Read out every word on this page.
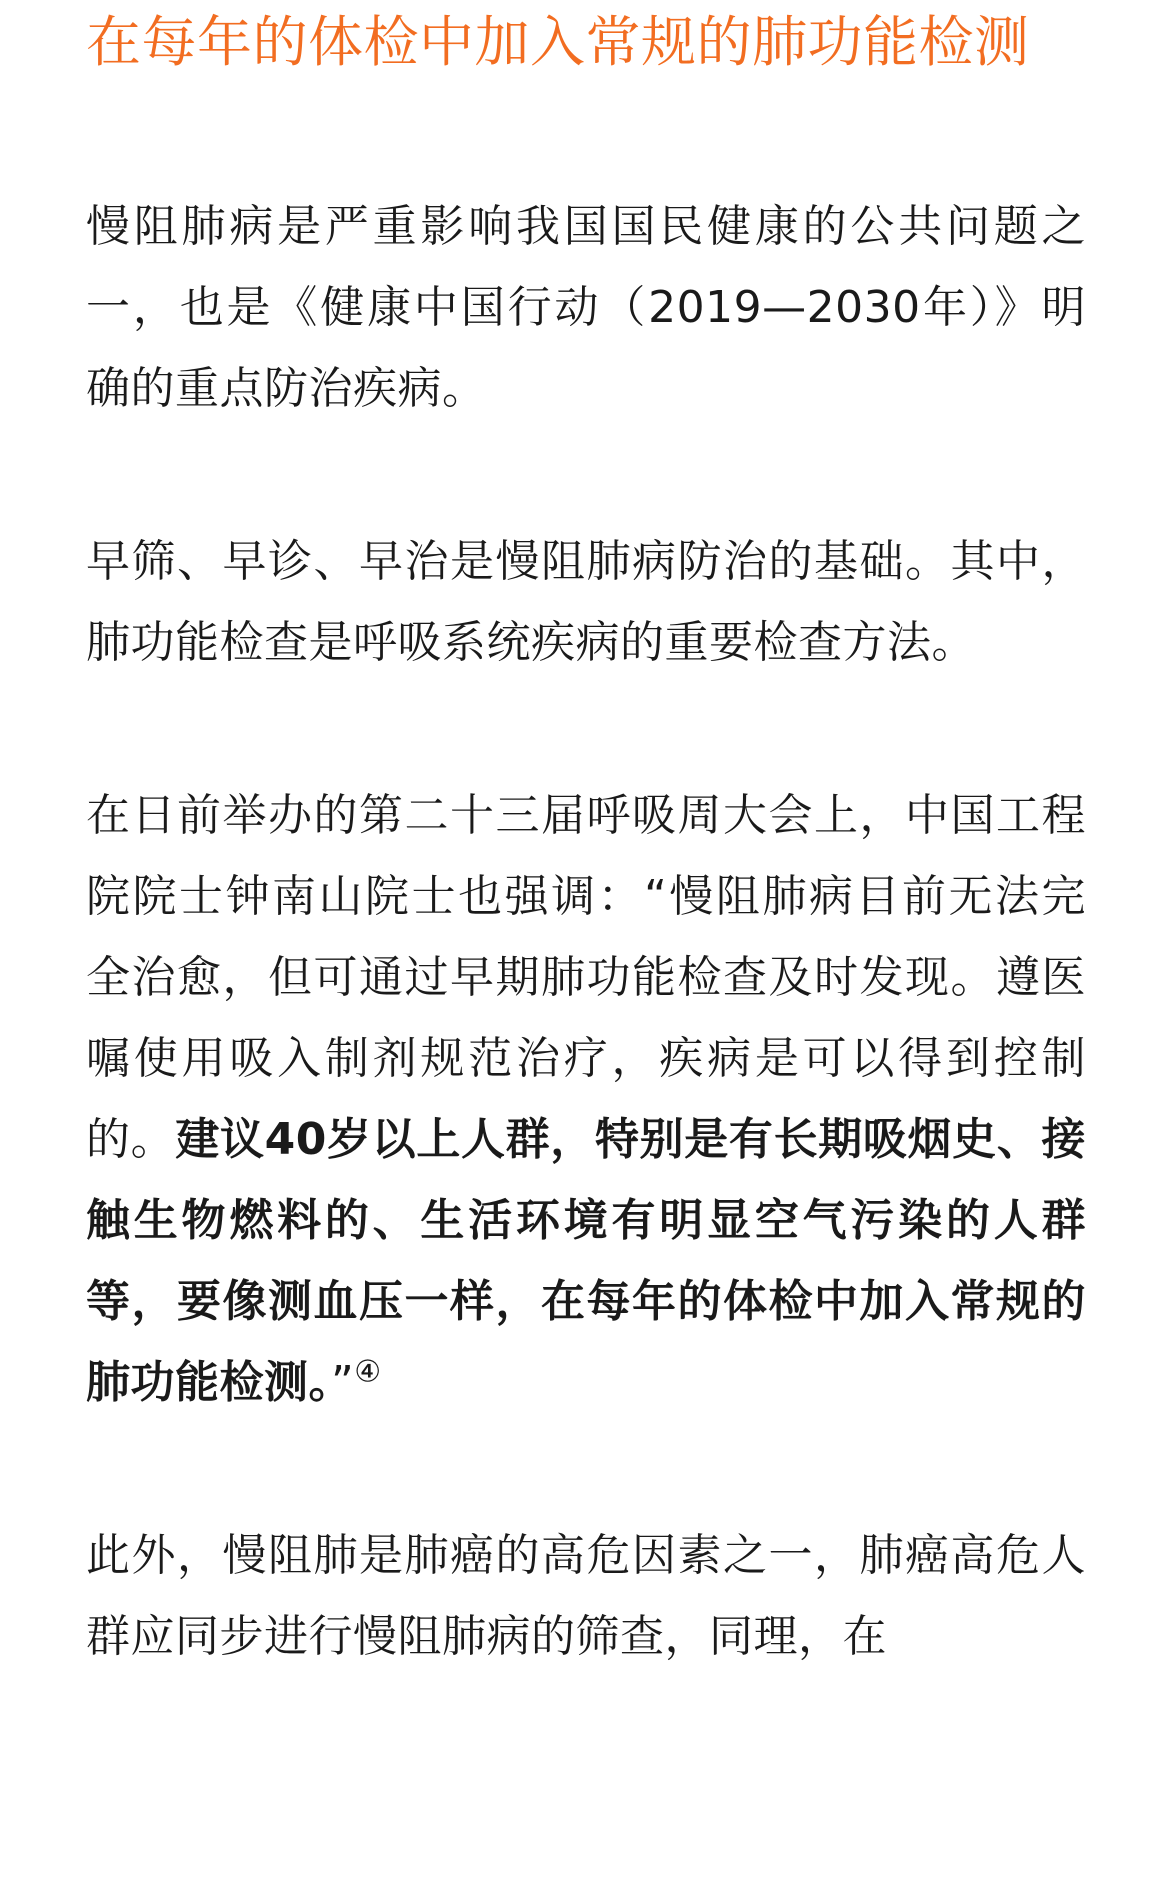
在每年的体检中加入常规的肺功能检测

慢阻肺病是严重影响我国国民健康的公共问题之一，也是《健康中国行动（2019—2030年）》明确的重点防治疾病。

早筛、早诊、早治是慢阻肺病防治的基础。其中，肺功能检查是呼吸系统疾病的重要检查方法。

在日前举办的第二十三届呼吸周大会上，中国工程院院士钟南山院士也强调：“慢阻肺病目前无法完全治愈，但可通过早期肺功能检查及时发现。遵医嘱使用吸入制剂规范治疗，疾病是可以得到控制的。建议40岁以上人群，特别是有长期吸烟史、接触生物燃料的、生活环境有明显空气污染的人群等，要像测血压一样，在每年的体检中加入常规的肺功能检测。”④

此外，慢阻肺是肺癌的高危因素之一，肺癌高危人群应同步进行慢阻肺病的筛查，同理，在
